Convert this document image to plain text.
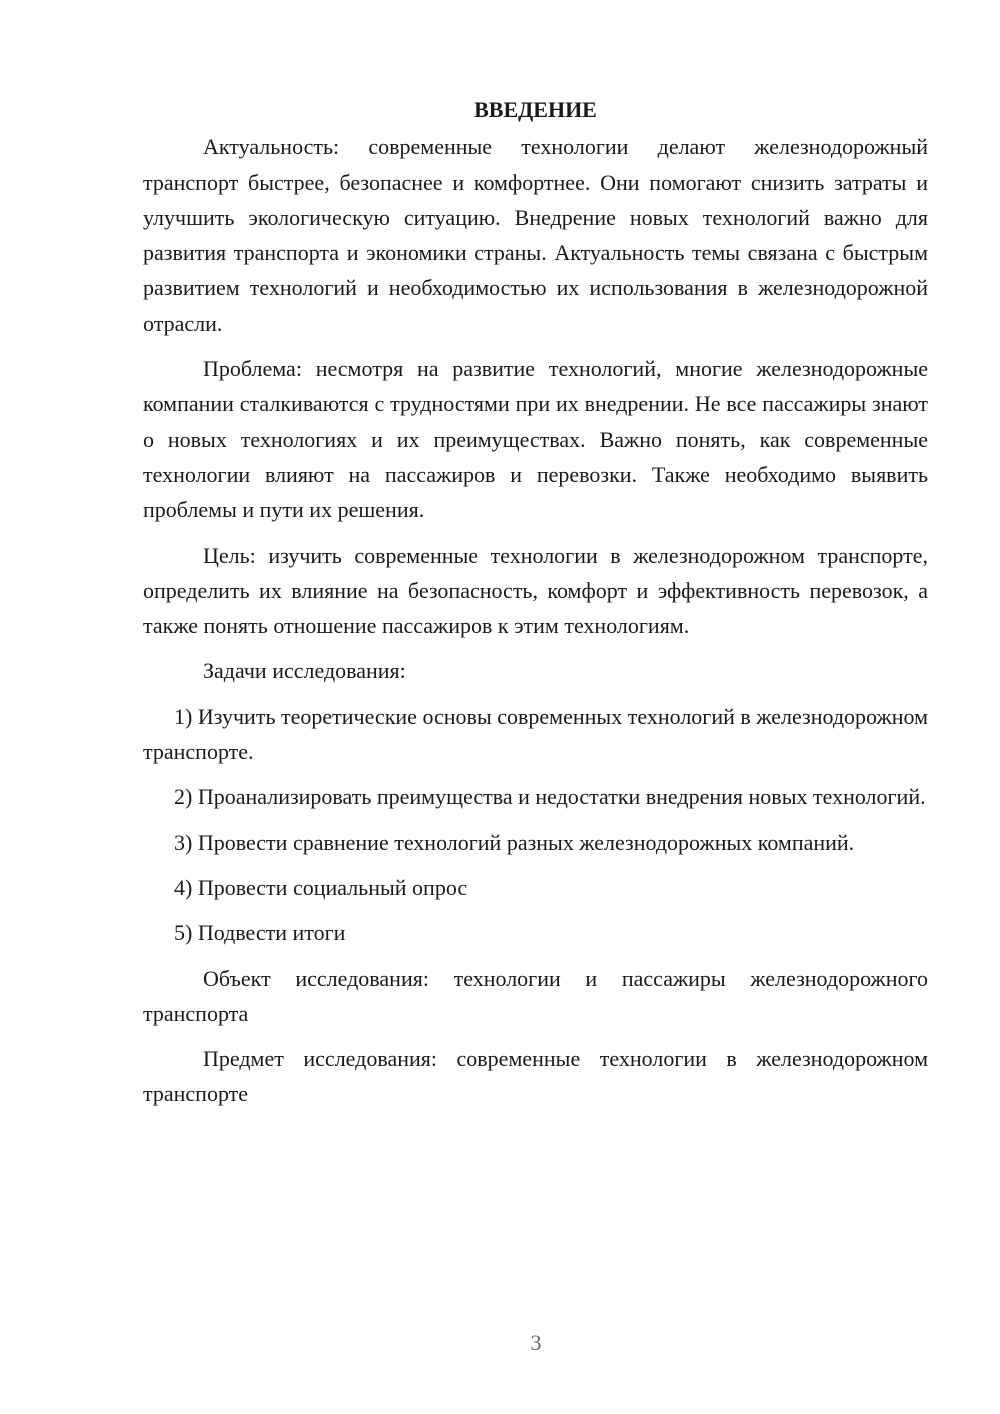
ВВЕДЕНИЕ

Актуальность: современные технологии делают железнодорожный транспорт быстрее, безопаснее и комфортнее. Они помогают снизить затраты и улучшить экологическую ситуацию. Внедрение новых технологий важно для развития транспорта и экономики страны. Актуальность темы связана с быстрым развитием технологий и необходимостью их использования в железнодорожной отрасли.

Проблема: несмотря на развитие технологий, многие железнодорожные компании сталкиваются с трудностями при их внедрении. Не все пассажиры знают о новых технологиях и их преимуществах. Важно понять, как современные технологии влияют на пассажиров и перевозки. Также необходимо выявить проблемы и пути их решения.

Цель: изучить современные технологии в железнодорожном транспорте, определить их влияние на безопасность, комфорт и эффективность перевозок, а также понять отношение пассажиров к этим технологиям.

Задачи исследования:

1) Изучить теоретические основы современных технологий в железнодорожном транспорте.

2) Проанализировать преимущества и недостатки внедрения новых технологий.

3) Провести сравнение технологий разных железнодорожных компаний.

4) Провести социальный опрос

5) Подвести итоги

Объект исследования: технологии и пассажиры железнодорожного транспорта

Предмет исследования: современные технологии в железнодорожном транспорте

3
